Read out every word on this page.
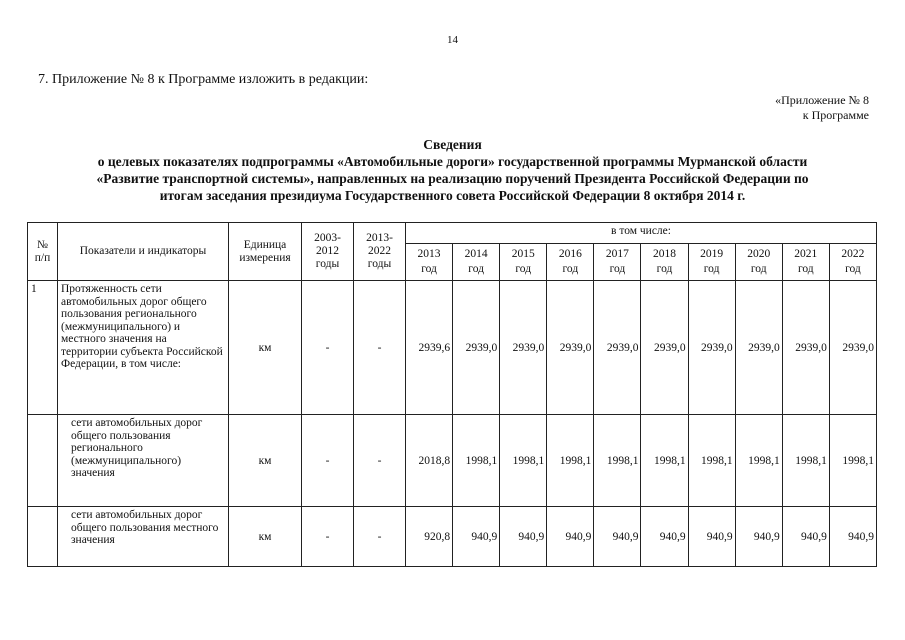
14
7. Приложение № 8 к Программе изложить в редакции:
«Приложение № 8
к Программе
Сведения
о целевых показателях подпрограммы «Автомобильные дороги» государственной программы Мурманской области
«Развитие транспортной системы», направленных на реализацию поручений Президента Российской Федерации по
итогам заседания президиума Государственного совета Российской Федерации 8 октября 2014 г.
№ п/п	Показатели и индикаторы	Единица измерения	2003-2012 годы	2013-2022 годы	в том числе:									
					2013 год	2014 год	2015 год	2016 год	2017 год	2018 год	2019 год	2020 год	2021 год	2022 год
1	Протяженность сети автомобильных дорог общего пользования регионального (межмуниципального) и местного значения на территории субъекта Российской Федерации, в том числе:	км	-	-	2939,6	2939,0	2939,0	2939,0	2939,0	2939,0	2939,0	2939,0	2939,0	2939,0
	сети автомобильных дорог общего пользования регионального (межмуниципального) значения	км	-	-	2018,8	1998,1	1998,1	1998,1	1998,1	1998,1	1998,1	1998,1	1998,1	1998,1
	сети автомобильных дорог общего пользования местного значения	км	-	-	920,8	940,9	940,9	940,9	940,9	940,9	940,9	940,9	940,9	940,9
